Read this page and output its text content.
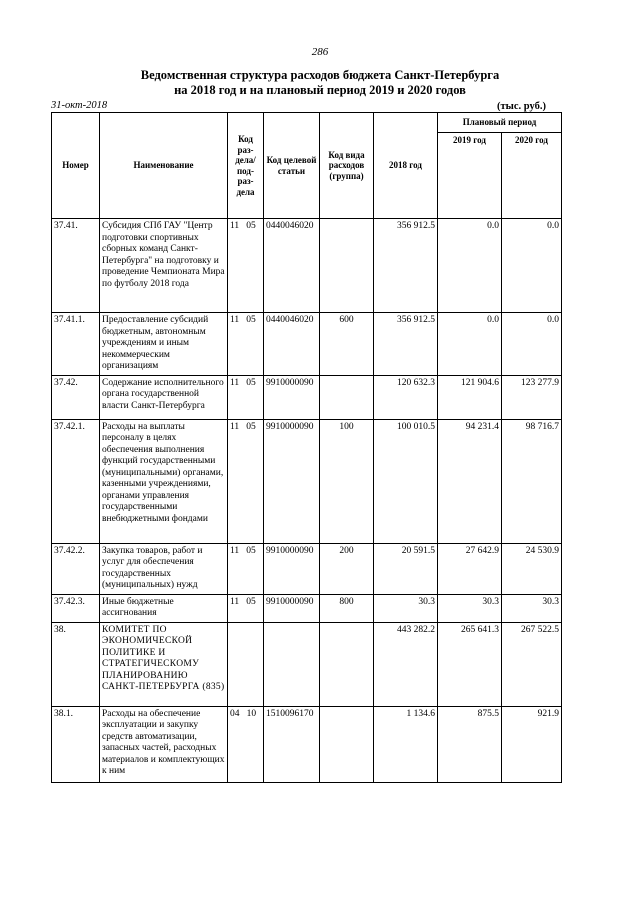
286
Ведомственная структура расходов бюджета Санкт-Петербурга
на 2018 год и на плановый период 2019 и 2020 годов
31-окт-2018	(тыс. руб.)
Номер	Наименование	Код раз-дела/ под-раз-дела	Код целевой статьи	Код вида расходов (группа)	2018 год	Плановый период	
						2019 год	2020 год
37.41.	Субсидия СПб ГАУ "Центр подготовки спортивных сборных команд Санкт-Петербурга" на подготовку и проведение Чемпионата Мира по футболу 2018 года	11 05	0440046020		356 912.5	0.0	0.0
37.41.1.	Предоставление субсидий бюджетным, автономным учреждениям и иным некоммерческим организациям	11 05	0440046020	600	356 912.5	0.0	0.0
37.42.	Содержание исполнительного органа государственной власти Санкт-Петербурга	11 05	9910000090		120 632.3	121 904.6	123 277.9
37.42.1.	Расходы на выплаты персоналу в целях обеспечения выполнения функций государственными (муниципальными) органами, казенными учреждениями, органами управления государственными внебюджетными фондами	11 05	9910000090	100	100 010.5	94 231.4	98 716.7
37.42.2.	Закупка товаров, работ и услуг для обеспечения государственных (муниципальных) нужд	11 05	9910000090	200	20 591.5	27 642.9	24 530.9
37.42.3.	Иные бюджетные ассигнования	11 05	9910000090	800	30.3	30.3	30.3
38.	КОМИТЕТ ПО ЭКОНОМИЧЕСКОЙ ПОЛИТИКЕ И СТРАТЕГИЧЕСКОМУ ПЛАНИРОВАНИЮ САНКТ-ПЕТЕРБУРГА (835)				443 282.2	265 641.3	267 522.5
38.1.	Расходы на обеспечение эксплуатации и закупку средств автоматизации, запасных частей, расходных материалов и комплектующих к ним	04 10	1510096170		1 134.6	875.5	921.9
